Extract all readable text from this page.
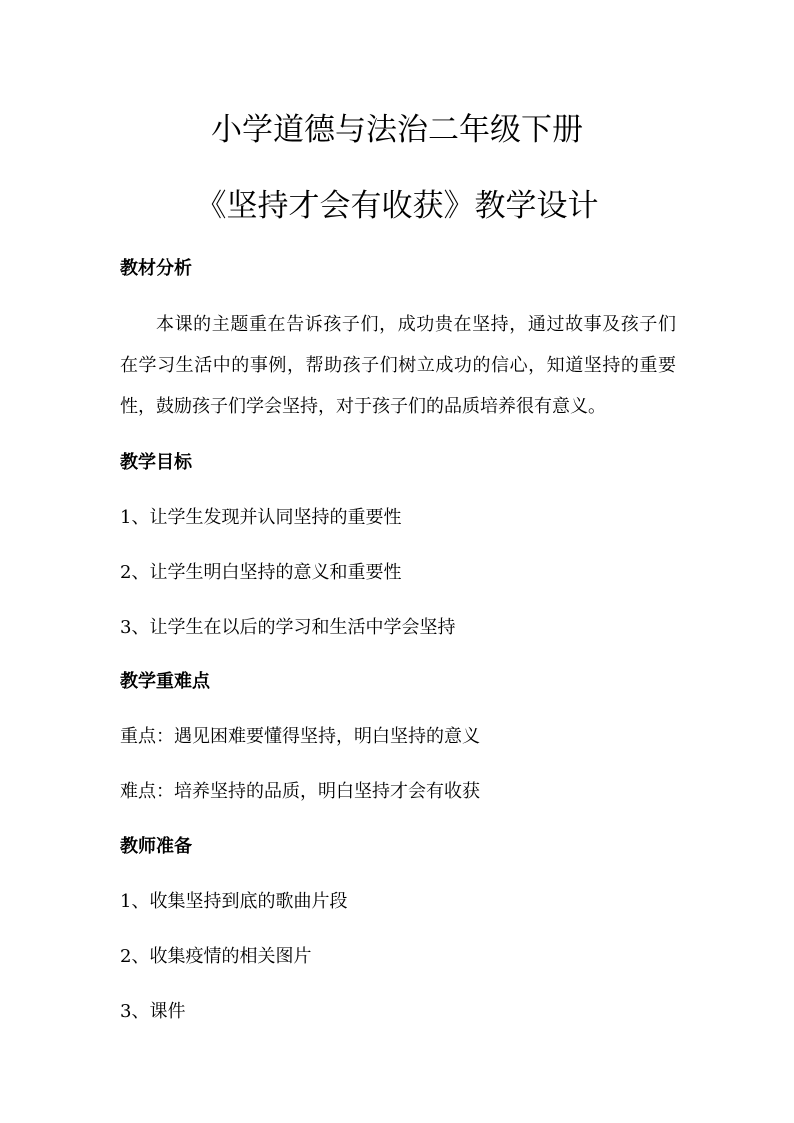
小学道德与法治二年级下册
《坚持才会有收获》教学设计
教材分析

本课的主题重在告诉孩子们，成功贵在坚持，通过故事及孩子们在学习生活中的事例，帮助孩子们树立成功的信心，知道坚持的重要性，鼓励孩子们学会坚持，对于孩子们的品质培养很有意义。

教学目标
1、让学生发现并认同坚持的重要性
2、让学生明白坚持的意义和重要性
3、让学生在以后的学习和生活中学会坚持
教学重难点
重点：遇见困难要懂得坚持，明白坚持的意义
难点：培养坚持的品质，明白坚持才会有收获
教师准备
1、收集坚持到底的歌曲片段
2、收集疫情的相关图片
3、课件
